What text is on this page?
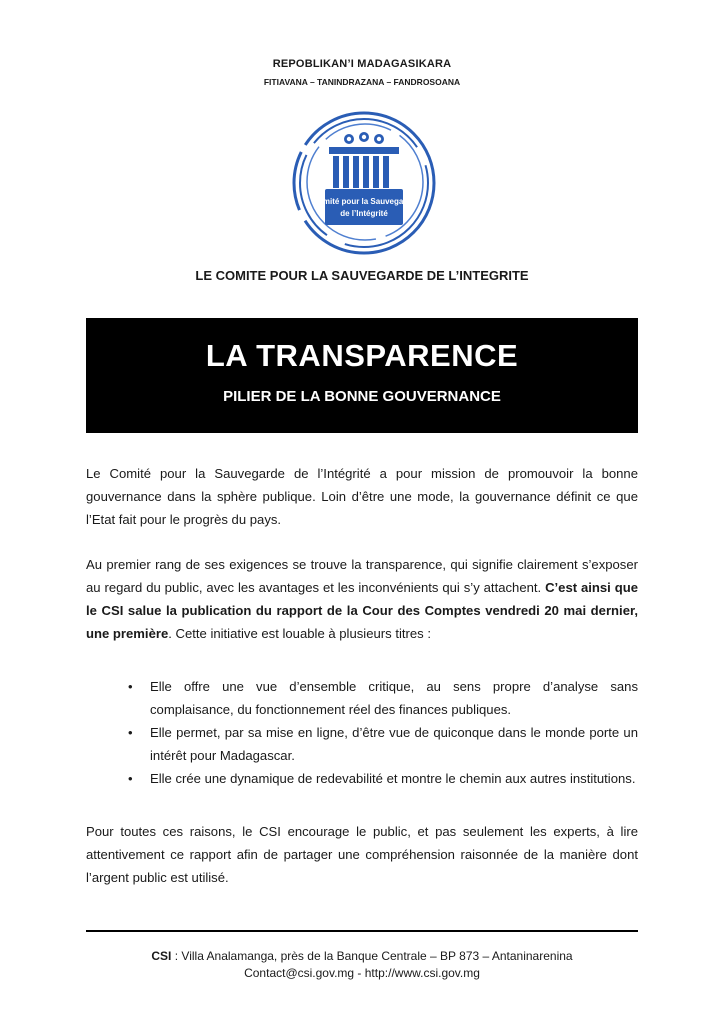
REPOBLIKAN’I MADAGASIKARA
FITIAVANA – TANINDRAZANA – FANDROSOANA
Comité pour la Sauvegarde
de l’Intégrité
LE COMITE POUR LA SAUVEGARDE DE L’INTEGRITE
LA TRANSPARENCE
PILIER DE LA BONNE GOUVERNANCE
Le Comité pour la Sauvegarde de l’Intégrité a pour mission de promouvoir la bonne gouvernance dans la sphère publique. Loin d’être une mode, la gouvernance définit ce que l’Etat fait pour le progrès du pays.
Au premier rang de ses exigences se trouve la transparence, qui signifie clairement s’exposer au regard du public, avec les avantages et les inconvénients qui s’y attachent. C’est ainsi que le CSI salue la publication du rapport de la Cour des Comptes vendredi 20 mai dernier, une première. Cette initiative est louable à plusieurs titres :
• Elle offre une vue d’ensemble critique, au sens propre d’analyse sans complaisance, du fonctionnement réel des finances publiques.
• Elle permet, par sa mise en ligne, d’être vue de quiconque dans le monde porte un intérêt pour Madagascar.
• Elle crée une dynamique de redevabilité et montre le chemin aux autres institutions.
Pour toutes ces raisons, le CSI encourage le public, et pas seulement les experts, à lire attentivement ce rapport afin de partager une compréhension raisonnée de la manière dont l’argent public est utilisé.
CSI : Villa Analamanga, près de la Banque Centrale – BP 873 – Antaninarenina
Contact@csi.gov.mg - http://www.csi.gov.mg
